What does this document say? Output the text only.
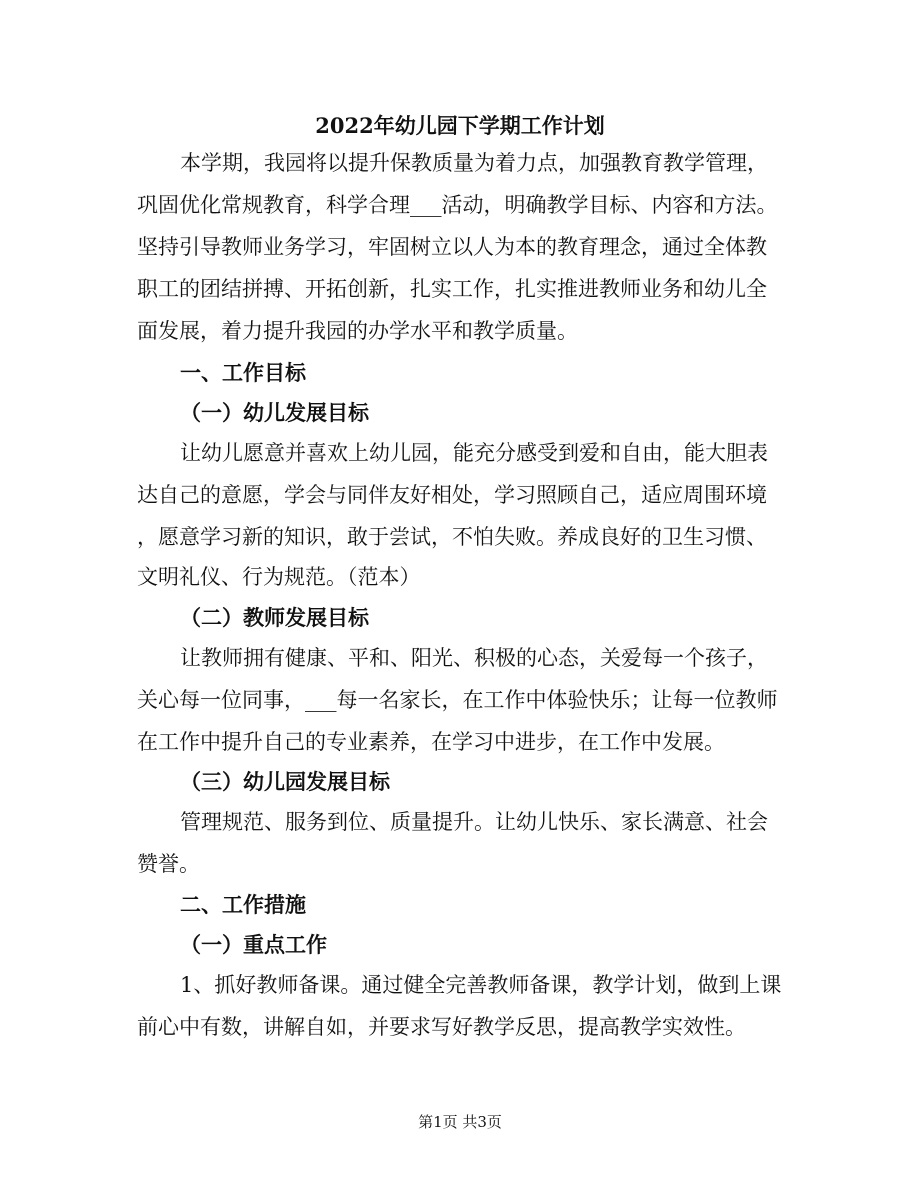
2022年幼儿园下学期工作计划
本学期，我园将以提升保教质量为着力点，加强教育教学管理，
巩固优化常规教育，科学合理___活动，明确教学目标、内容和方法。
坚持引导教师业务学习，牢固树立以人为本的教育理念，通过全体教
职工的团结拼搏、开拓创新，扎实工作，扎实推进教师业务和幼儿全
面发展，着力提升我园的办学水平和教学质量。
一、工作目标
（一）幼儿发展目标
让幼儿愿意并喜欢上幼儿园，能充分感受到爱和自由，能大胆表
达自己的意愿，学会与同伴友好相处，学习照顾自己，适应周围环境
，愿意学习新的知识，敢于尝试，不怕失败。养成良好的卫生习惯、
文明礼仪、行为规范。（范本）
（二）教师发展目标
让教师拥有健康、平和、阳光、积极的心态，关爱每一个孩子，
关心每一位同事，___每一名家长，在工作中体验快乐；让每一位教师
在工作中提升自己的专业素养，在学习中进步，在工作中发展。
（三）幼儿园发展目标
管理规范、服务到位、质量提升。让幼儿快乐、家长满意、社会
赞誉。
二、工作措施
（一）重点工作
1、抓好教师备课。通过健全完善教师备课，教学计划，做到上课
前心中有数，讲解自如，并要求写好教学反思，提高教学实效性。
第1页 共3页
